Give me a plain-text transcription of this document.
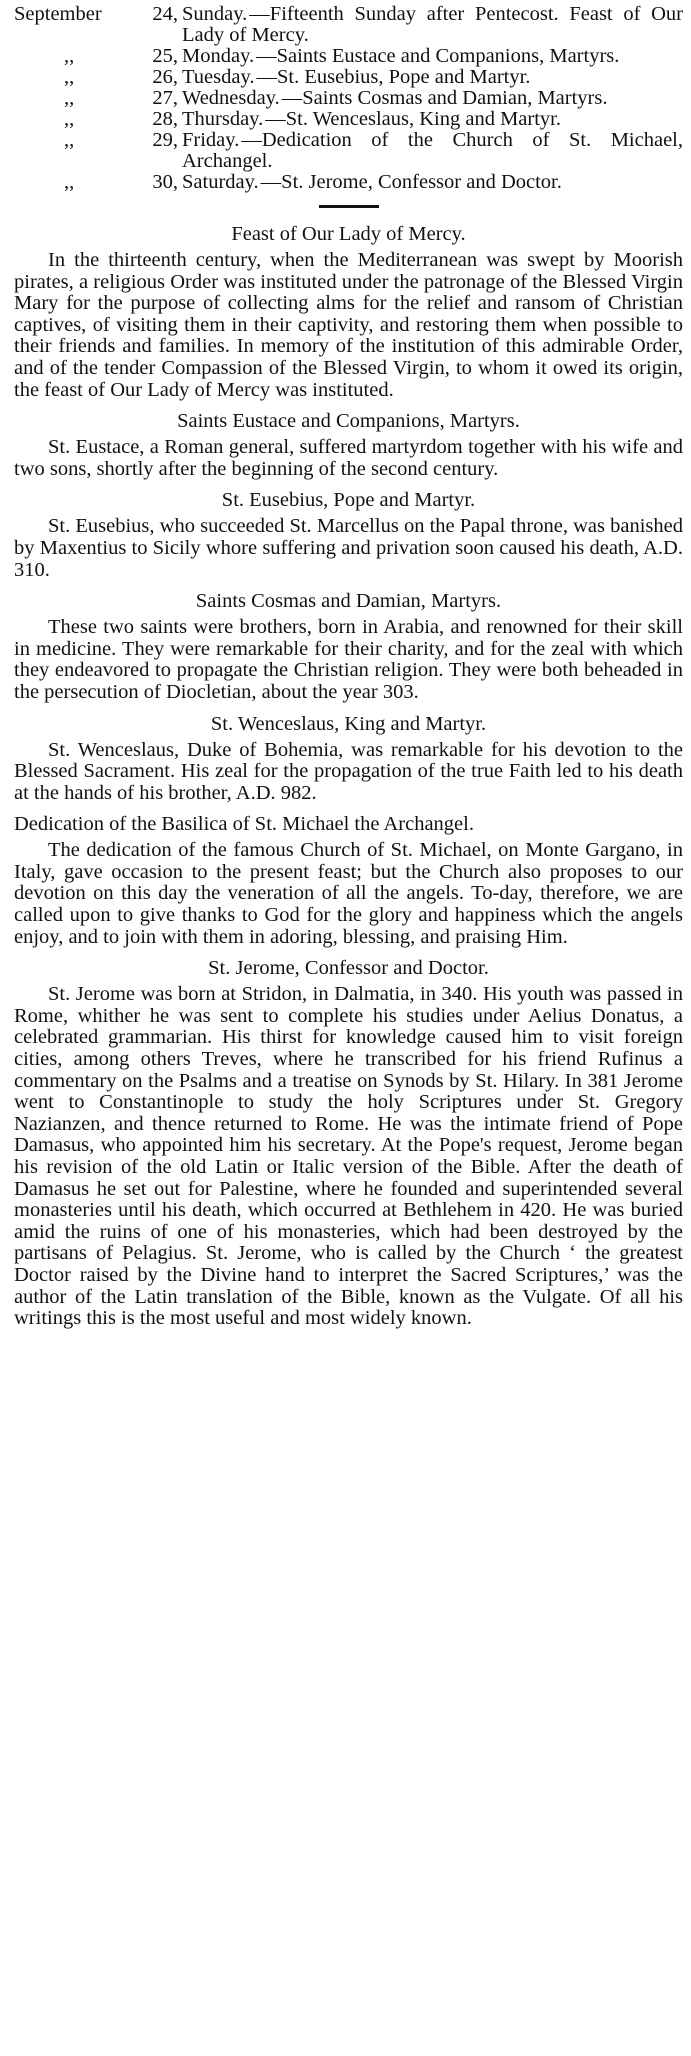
September 24, Sunday.—Fifteenth Sunday after Pentecost. Feast of Our Lady of Mercy.
,,	25, Monday.—Saints Eustace and Companions, Martyrs.
,,	26, Tuesday.—St. Eusebius, Pope and Martyr.
,,	27, Wednesday.—Saints Cosmas and Damian, Martyrs.
,,	28, Thursday.—St. Wenceslaus, King and Martyr.
,,	29, Friday.—Dedication of the Church of St. Michael, Archangel.
,,	30, Saturday.—St. Jerome, Confessor and Doctor.
Feast of Our Lady of Mercy.

In the thirteenth century, when the Mediterranean was swept by Moorish pirates, a religious Order was instituted under the patronage of the Blessed Virgin Mary for the purpose of collecting alms for the relief and ransom of Christian captives, of visiting them in their captivity, and restoring them when possible to their friends and families. In memory of the institution of this admirable Order, and of the tender Compassion of the Blessed Virgin, to whom it owed its origin, the feast of Our Lady of Mercy was instituted.

Saints Eustace and Companions, Martyrs.

St. Eustace, a Roman general, suffered martyrdom together with his wife and two sons, shortly after the beginning of the second century.

St. Eusebius, Pope and Martyr.

St. Eusebius, who succeeded St. Marcellus on the Papal throne, was banished by Maxentius to Sicily whore suffering and privation soon caused his death, A.D. 310.

Saints Cosmas and Damian, Martyrs.

These two saints were brothers, born in Arabia, and renowned for their skill in medicine. They were remarkable for their charity, and for the zeal with which they endeavored to propagate the Christian religion. They were both beheaded in the persecution of Diocletian, about the year 303.

St. Wenceslaus, King and Martyr.

St. Wenceslaus, Duke of Bohemia, was remarkable for his devotion to the Blessed Sacrament. His zeal for the propagation of the true Faith led to his death at the hands of his brother, A.D. 982.

Dedication of the Basilica of St. Michael the Archangel.

The dedication of the famous Church of St. Michael, on Monte Gargano, in Italy, gave occasion to the present feast; but the Church also proposes to our devotion on this day the veneration of all the angels. To-day, therefore, we are called upon to give thanks to God for the glory and happiness which the angels enjoy, and to join with them in adoring, blessing, and praising Him.

St. Jerome, Confessor and Doctor.

St. Jerome was born at Stridon, in Dalmatia, in 340. His youth was passed in Rome, whither he was sent to complete his studies under Aelius Donatus, a celebrated grammarian. His thirst for knowledge caused him to visit foreign cities, among others Treves, where he transcribed for his friend Rufinus a commentary on the Psalms and a treatise on Synods by St. Hilary. In 381 Jerome went to Constantinople to study the holy Scriptures under St. Gregory Nazianzen, and thence returned to Rome. He was the intimate friend of Pope Damasus, who appointed him his secretary. At the Pope's request, Jerome began his revision of the old Latin or Italic version of the Bible. After the death of Damasus he set out for Palestine, where he founded and superintended several monasteries until his death, which occurred at Bethlehem in 420. He was buried amid the ruins of one of his monasteries, which had been destroyed by the partisans of Pelagius. St. Jerome, who is called by the Church ‘ the greatest Doctor raised by the Divine hand to interpret the Sacred Scriptures,’ was the author of the Latin translation of the Bible, known as the Vulgate. Of all his writings this is the most useful and most widely known.
